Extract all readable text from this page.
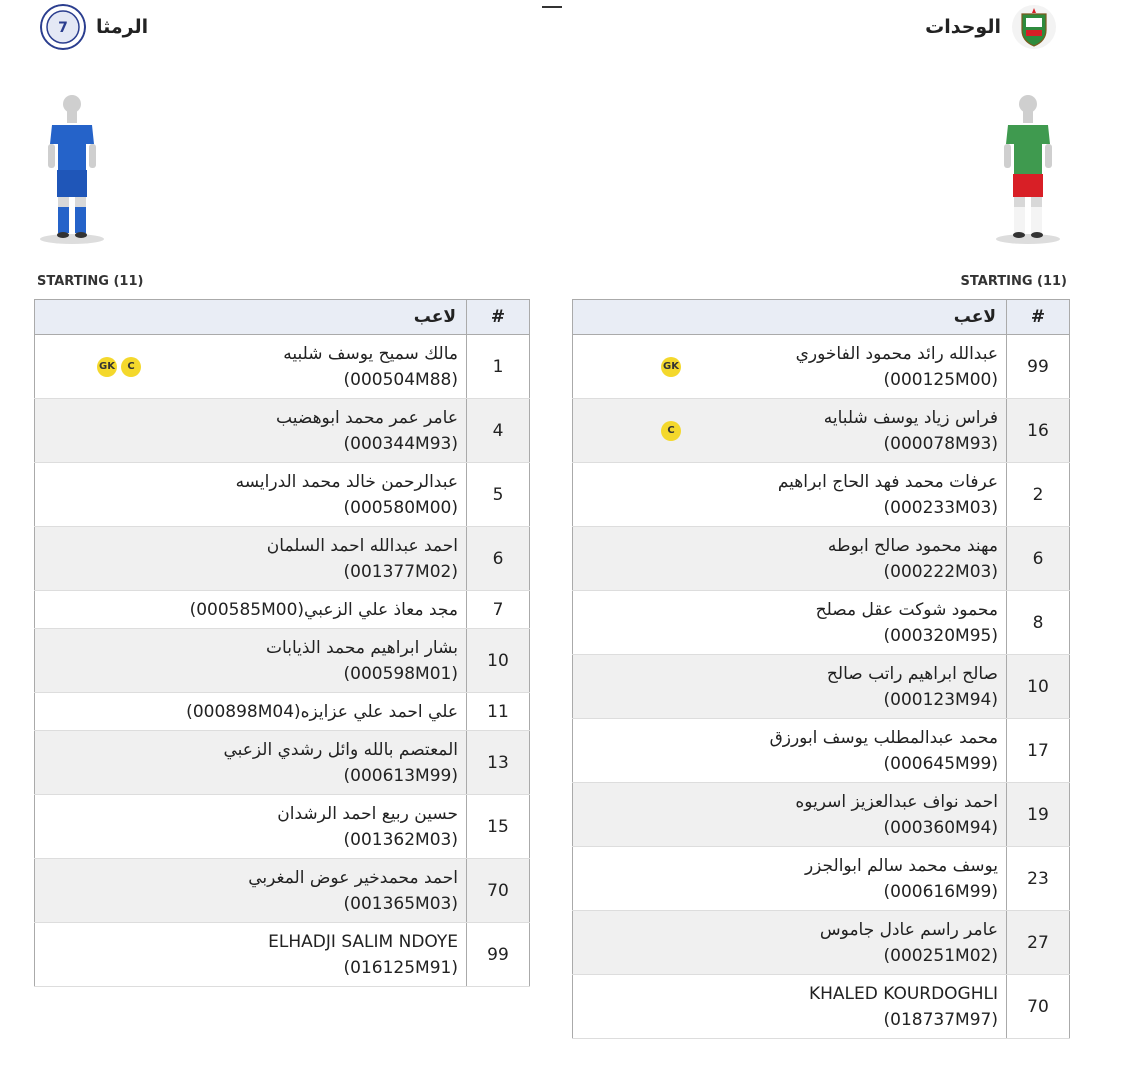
7 الرمثا	الوحدات
STARTING (11)	STARTING (11)
لاعب	#

مالك سميح يوسف شلبيه
(000504M88)
GK C	1

عامر عمر محمد ابوهضيب
(000344M93)	4

عبدالرحمن خالد محمد الدرايسه
(000580M00)	5

احمد عبدالله احمد السلمان
(001377M02)	6

مجد معاذ علي الزعبي(000585M00)	7

بشار ابراهيم محمد الذيابات
(000598M01)	10

علي احمد علي عزايزه(000898M04)	11

المعتصم بالله وائل رشدي الزعبي
(000613M99)	13

حسين ربيع احمد الرشدان
(001362M03)	15

احمد محمدخير عوض المغربي
(001365M03)	70

ELHADJI SALIM NDOYE
(016125M91)	99
لاعب	#

عبدالله رائد محمود الفاخوري
(000125M00)
GK	99

فراس زياد يوسف شلبايه
(000078M93)
C	16

عرفات محمد فهد الحاج ابراهيم
(000233M03)	2

مهند محمود صالح ابوطه
(000222M03)	6

محمود شوكت عقل مصلح
(000320M95)	8

صالح ابراهيم راتب صالح
(000123M94)	10

محمد عبدالمطلب يوسف ابورزق
(000645M99)	17

احمد نواف عبدالعزيز اسريوه
(000360M94)	19

يوسف محمد سالم ابوالجزر
(000616M99)	23

عامر راسم عادل جاموس
(000251M02)	27

KHALED KOURDOGHLI
(018737M97)	70
